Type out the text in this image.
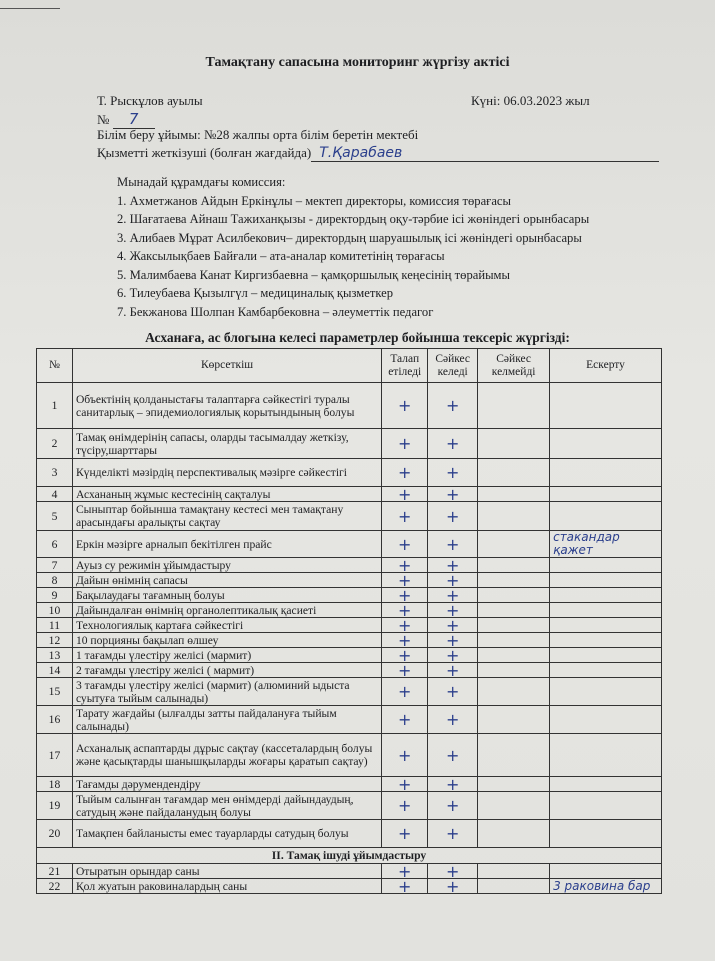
Тамақтану сапасына мониторинг жүргізу актісі
Т. Рыскұлов ауылы	Күні: 06.03.2023 жыл
№ 7
Білім беру ұйымы: №28 жалпы орта білім беретін мектебі
Қызметті жеткізуші (болған жағдайда) Т.Қарабаев
Мынадай құрамдағы комиссия:
1. Ахметжанов Айдын Еркінұлы – мектеп директоры, комиссия төрағасы
2. Шағатаева Айнаш Тажиханқызы - директордың оқу-тәрбие ісі жөніндегі орынбасары
3. Алибаев Мұрат Асилбекович– директордың шаруашылық ісі жөніндегі орынбасары
4. Жаксылықбаев Байғали – ата-аналар комитетінің төрағасы
5. Малимбаева Канат Киргизбаевна – қамқоршылық кеңесінің төрайымы
6. Тилеубаева Қызылгүл – медициналық қызметкер
7. Бекжанова Шолпан Камбарбековна – әлеуметтік педагог
Асханаға, ас блогына келесі параметрлер бойынша тексеріс жүргізді:
№	Көрсеткіш	Талап етіледі	Сәйкес келеді	Сәйкес келмейді	Ескерту
1	Объектінің қолданыстағы талаптарға сәйкестігі туралы санитарлық – эпидемиологиялық корытындының болуы	+	+		
2	Тамақ өнімдерінің сапасы, оларды тасымалдау жеткізу, түсіру,шарттары	+	+		
3	Күнделікті мәзірдің перспективалық мәзірге сәйкестігі	+	+		
4	Асхананың жұмыс кестесінің сақталуы	+	+		
5	Сыныптар бойынша тамақтану кестесі мен тамақтану арасындағы аралықты сақтау	+	+		
6	Еркін мәзірге арналып бекітілген прайс	+	+		стакандар қажет
7	Ауыз су режимін ұйымдастыру	+	+		
8	Дайын өнімнің сапасы	+	+		
9	Бақылаудағы тағамның болуы	+	+		
10	Дайындалған өнімнің органолептикалық қасиеті	+	+		
11	Технологиялық картаға сәйкестігі	+	+		
12	10 порцияны бақылап өлшеу	+	+		
13	1 тағамды үлестіру желісі (мармит)	+	+		
14	2 тағамды үлестіру желісі ( мармит)	+	+		
15	3 тағамды үлестіру желісі (мармит) (алюминий ыдыста суытуға тыйым салынады)	+	+		
16	Тарату жағдайы (ылғалды затты пайдалануға тыйым салынады)	+	+		
17	Асханалық аспаптарды дұрыс сақтау (кассеталардың болуы және қасықтарды шанышқыларды жоғары қаратып сақтау)	+	+		
18	Тағамды дәрумендендіру	+	+		
19	Тыйым салынған тағамдар мен өнімдерді дайындаудың, сатудың және пайдаланудың болуы	+	+		
20	Тамақпен байланысты емес тауарларды сатудың болуы	+	+		
II. Тамақ ішуді ұйымдастыру					
21	Отыратын орындар саны	+	+		
22	Қол жуатын раковиналардың саны	+	+		3 раковина бар
